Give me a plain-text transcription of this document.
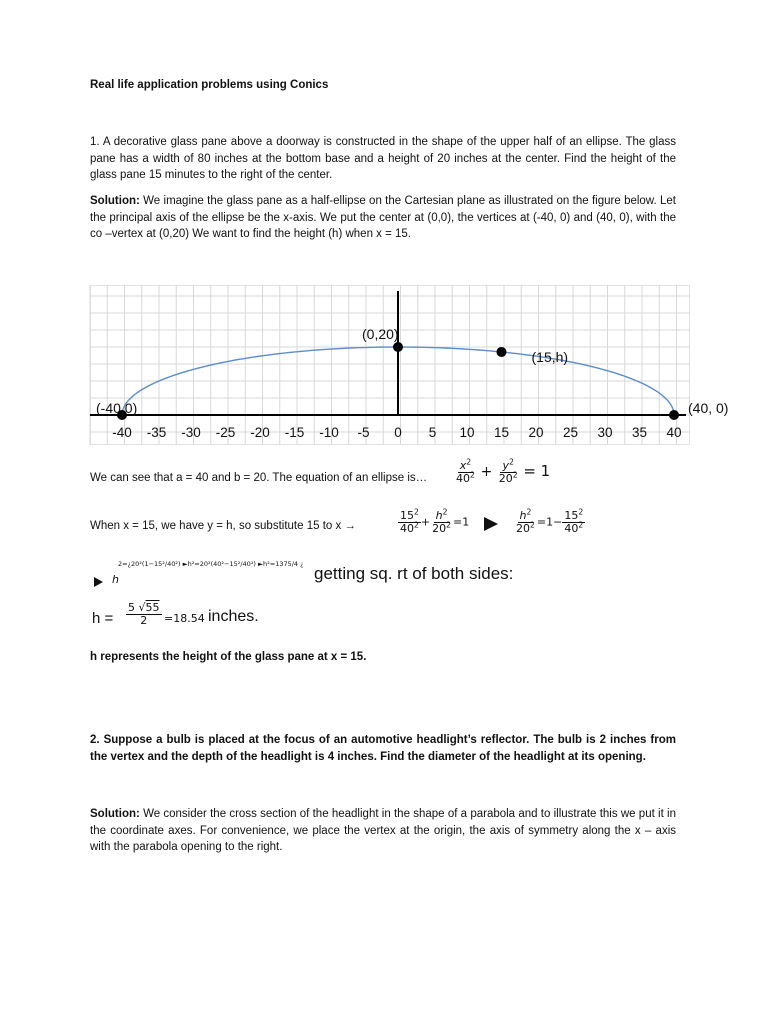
Real life application problems using Conics
1. A decorative glass pane above a doorway is constructed in the shape of the upper half of an ellipse. The glass pane has a width of 80 inches at the bottom base and a height of 20 inches at the center. Find the height of the glass pane 15 minutes to the right of the center.
Solution: We imagine the glass pane as a half-ellipse on the Cartesian plane as illustrated on the figure below. Let the principal axis of the ellipse be the x-axis. We put the center at (0,0), the vertices at (-40, 0) and (40, 0), with the co –vertex at (0,20) We want to find the height (h) when x = 15.
-40 -35 -30 -25 -20 -15 -10 -5 0 5 10 15 20 25 30 35 40
(-40,0)
(0,20)
(15,h)
(40, 0)
We can see that a = 40 and b = 20. The equation of an ellipse is… $\frac{x^2}{40^2} + \frac{y^2}{20^2} = 1$
When x = 15, we have y = h, so substitute 15 to x →	$\frac{15^2}{40^2} + \frac{h^2}{20^2} =1$	$\frac{h^2}{20^2} =1- \frac{15^2}{40^2}$
h
2=¿20²(1−15²/40²) ►h²=20²(40²−15²/40²) ►h²=1375/4 ¿ getting sq. rt of both sides:
$h = \frac{5 √55}{2} =18.54$ inches.
h represents the height of the glass pane at x = 15.
2. Suppose a bulb is placed at the focus of an automotive headlight’s reflector. The bulb is 2 inches from the vertex and the depth of the headlight is 4 inches. Find the diameter of the headlight at its opening.
Solution: We consider the cross section of the headlight in the shape of a parabola and to illustrate this we put it in the coordinate axes. For convenience, we place the vertex at the origin, the axis of symmetry along the x – axis with the parabola opening to the right.
